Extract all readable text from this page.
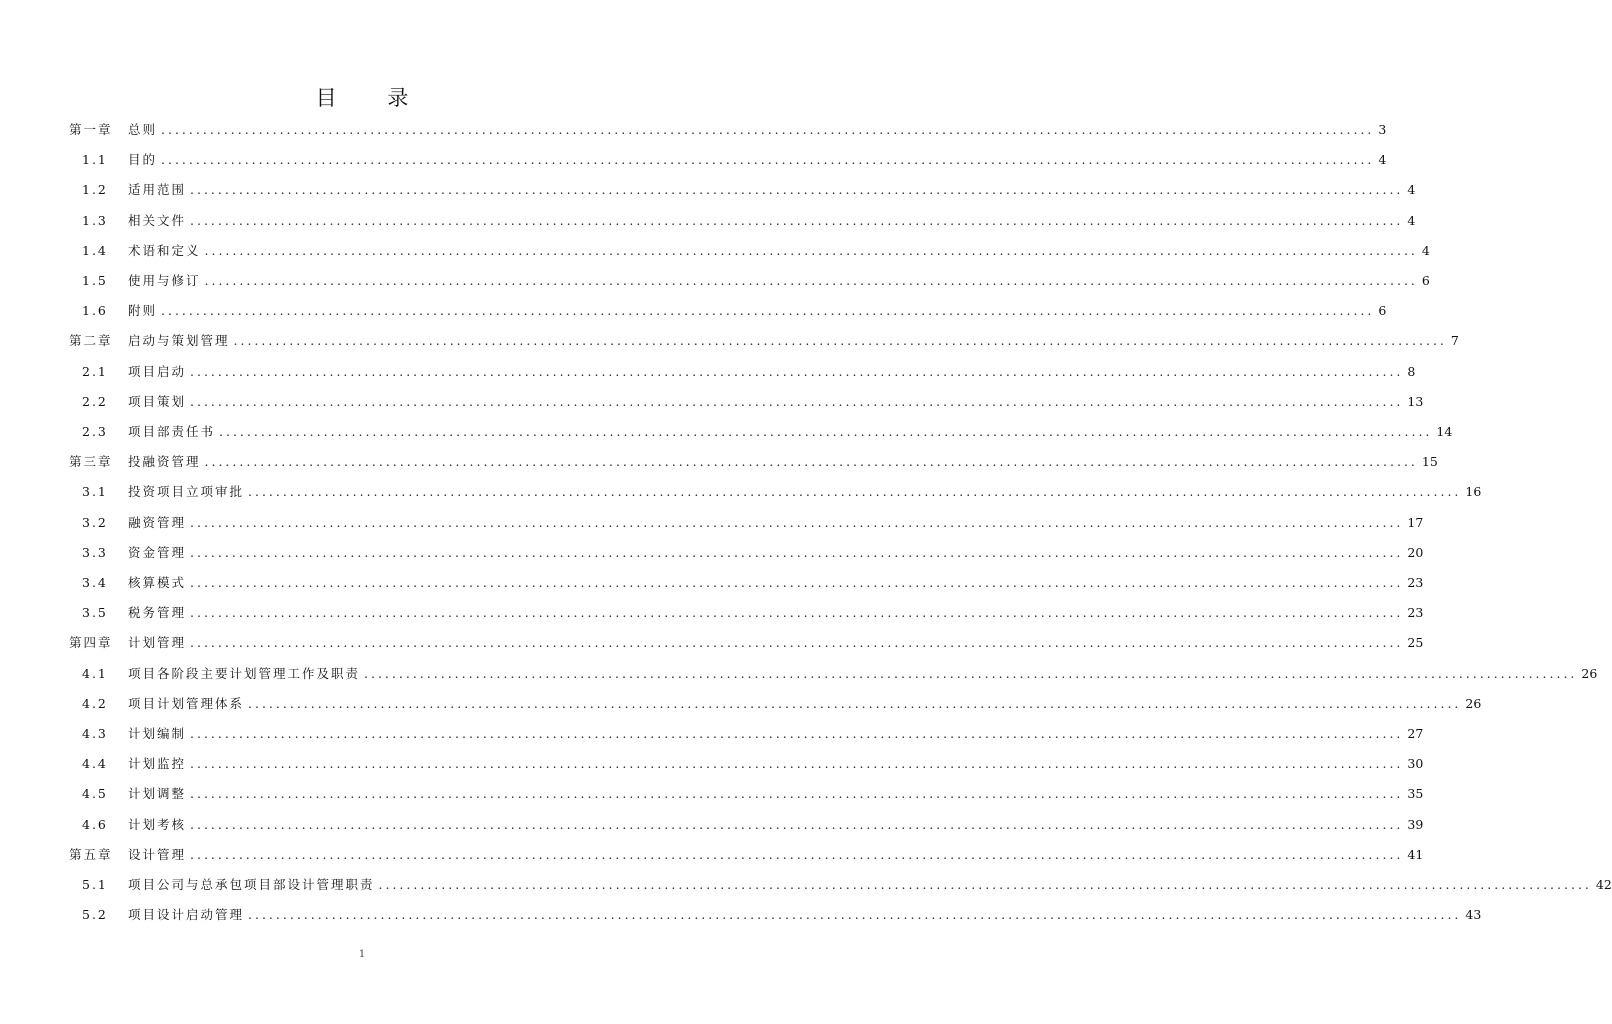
目 录
第一章 总则 .............................................................................................................................................................................. 3
1.1 目的 .............................................................................................................................................................................. 4
1.2 适用范围 .............................................................................................................................................................................. 4
1.3 相关文件 .............................................................................................................................................................................. 4
1.4 术语和定义 .............................................................................................................................................................................. 4
1.5 使用与修订 .............................................................................................................................................................................. 6
1.6 附则 .............................................................................................................................................................................. 6
第二章 启动与策划管理 .............................................................................................................................................................................. 7
2.1 项目启动 .............................................................................................................................................................................. 8
2.2 项目策划 .............................................................................................................................................................................. 13
2.3 项目部责任书 .............................................................................................................................................................................. 14
第三章 投融资管理 .............................................................................................................................................................................. 15
3.1 投资项目立项审批 .............................................................................................................................................................................. 16
3.2 融资管理 .............................................................................................................................................................................. 17
3.3 资金管理 .............................................................................................................................................................................. 20
3.4 核算模式 .............................................................................................................................................................................. 23
3.5 税务管理 .............................................................................................................................................................................. 23
第四章 计划管理 .............................................................................................................................................................................. 25
4.1 项目各阶段主要计划管理工作及职责 .............................................................................................................................................................................. 26
4.2 项目计划管理体系 .............................................................................................................................................................................. 26
4.3 计划编制 .............................................................................................................................................................................. 27
4.4 计划监控 .............................................................................................................................................................................. 30
4.5 计划调整 .............................................................................................................................................................................. 35
4.6 计划考核 .............................................................................................................................................................................. 39
第五章 设计管理 .............................................................................................................................................................................. 41
5.1 项目公司与总承包项目部设计管理职责 .............................................................................................................................................................................. 42
5.2 项目设计启动管理 .............................................................................................................................................................................. 43
1
